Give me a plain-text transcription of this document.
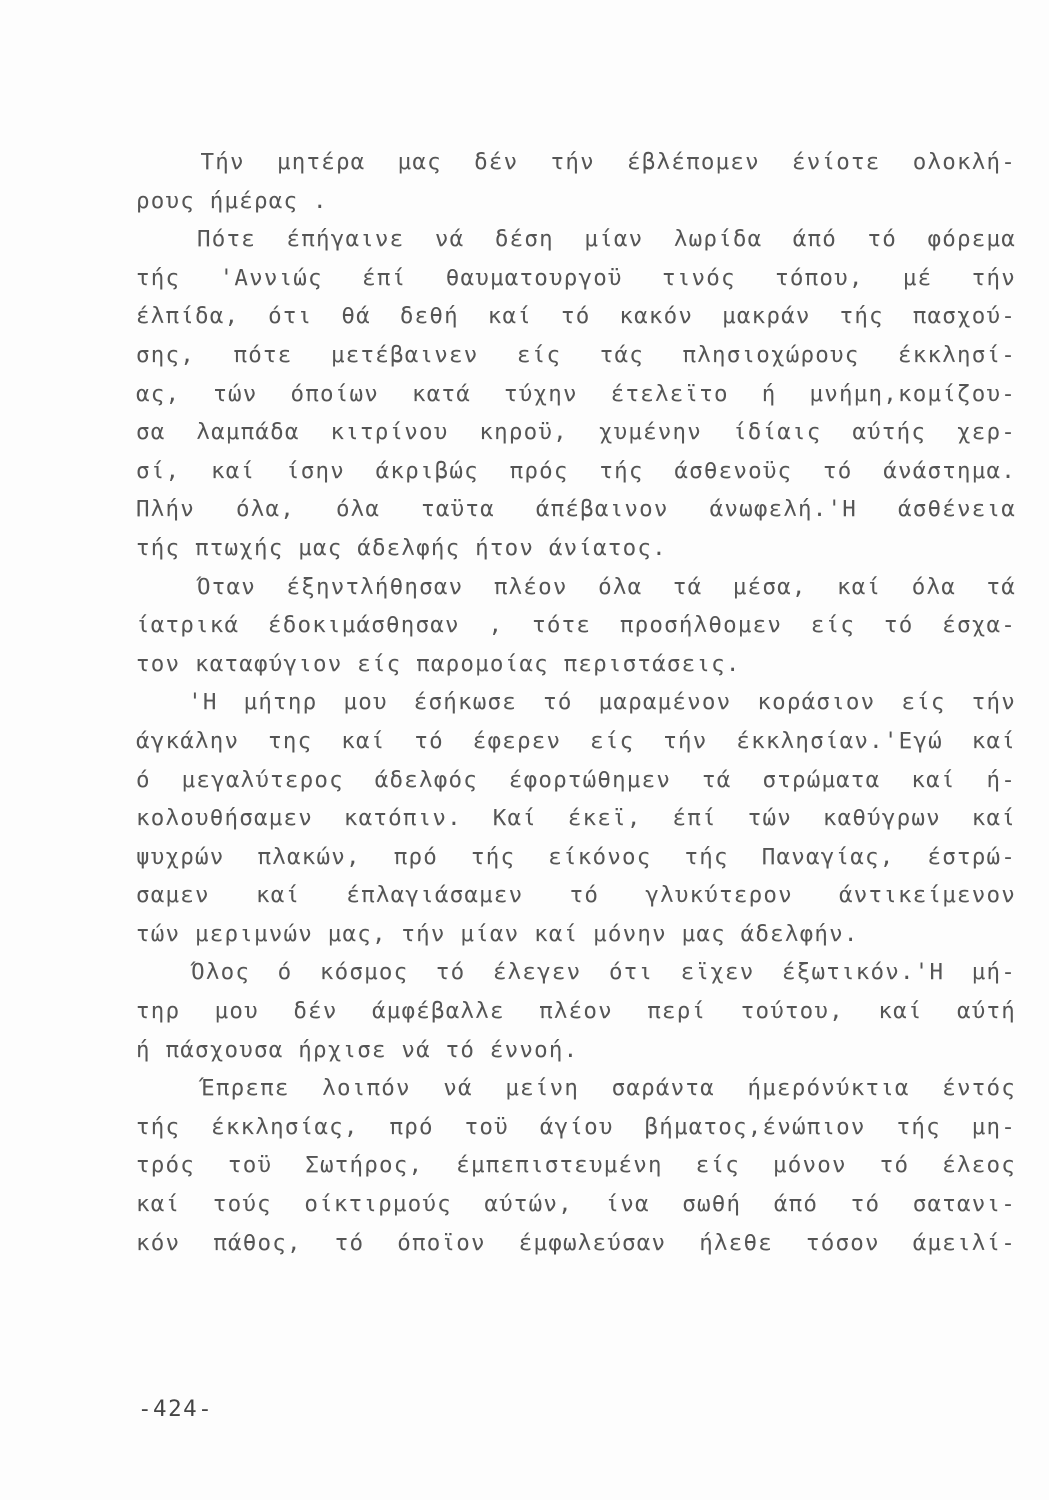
Τήν μητέρα μας δέν τήν έβλέπομεν ένίοτε ολοκλή-
ρους ήμέρας .
Πότε έπήγαινε νά δέση μίαν λωρίδα άπό τό φόρεμα
τής 'Αννιώς έπί θαυματουργοϋ τινός τόπου, μέ τήν
έλπίδα, ότι θά δεθή καί τό κακόν μακράν τής πασχού-
σης, πότε μετέβαινεν είς τάς πλησιοχώρους έκκλησί-
ας, τών όποίων κατά τύχην έτελεϊτο ή μνήμη,κομίζου-
σα λαμπάδα κιτρίνου κηροϋ, χυμένην ίδίαις αύτής χερ-
σί, καί ίσην άκριβώς πρός τής άσθενοϋς τό άνάστημα.
Πλήν όλα, όλα ταϋτα άπέβαινον άνωφελή.'Η άσθένεια
τής πτωχής μας άδελφής ήτον άνίατος.
Όταν έξηντλήθησαν πλέον όλα τά μέσα, καί όλα τά
ίατρικά έδοκιμάσθησαν , τότε προσήλθομεν είς τό έσχα-
τον καταφύγιον είς παρομοίας περιστάσεις.
'Η μήτηρ μου έσήκωσε τό μαραμένον κοράσιον είς τήν
άγκάλην της καί τό έφερεν είς τήν έκκλησίαν.'Εγώ καί
ό μεγαλύτερος άδελφός έφορτώθημεν τά στρώματα καί ή-
κολουθήσαμεν κατόπιν. Καί έκεϊ, έπί τών καθύγρων καί
ψυχρών πλακών, πρό τής είκόνος τής Παναγίας, έστρώ-
σαμεν καί έπλαγιάσαμεν τό γλυκύτερον άντικείμενον
τών μεριμνών μας, τήν μίαν καί μόνην μας άδελφήν.
Όλος ό κόσμος τό έλεγεν ότι εϊχεν έξωτικόν.'Η μή-
τηρ μου δέν άμφέβαλλε πλέον περί τούτου, καί αύτή
ή πάσχουσα ήρχισε νά τό έννοή.
Έπρεπε λοιπόν νά μείνη σαράντα ήμερόνύκτια έντός
τής έκκλησίας, πρό τοϋ άγίου βήματος,ένώπιον τής μη-
τρός τοϋ Σωτήρος, έμπεπιστευμένη είς μόνον τό έλεος
καί τούς οίκτιρμούς αύτών, ίνα σωθή άπό τό σατανι-
κόν πάθος, τό όποϊον έμφωλεύσαν ήλεθε τόσον άμειλί-
-424-
